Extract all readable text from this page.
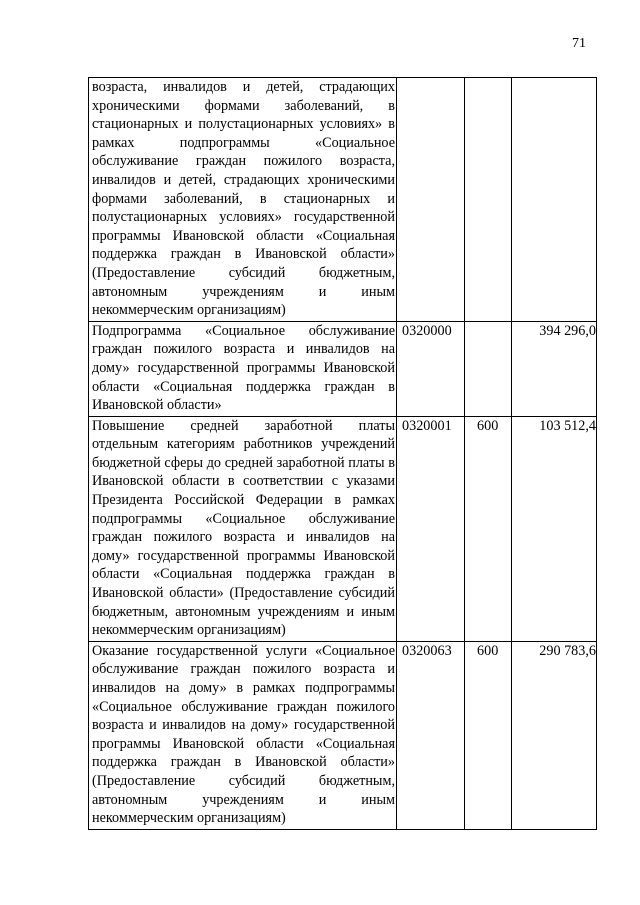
71
возраста, инвалидов и детей, страдающих хроническими формами заболеваний, в стационарных и полустационарных условиях» в рамках подпрограммы «Социальное обслуживание граждан пожилого возраста, инвалидов и детей, страдающих хроническими формами заболеваний, в стационарных и полустационарных условиях» государственной программы Ивановской области «Социальная поддержка граждан в Ивановской области» (Предоставление субсидий бюджетным, автономным учреждениям и иным некоммерческим организациям)			
Подпрограмма «Социальное обслуживание граждан пожилого возраста и инвалидов на дому» государственной программы Ивановской области «Социальная поддержка граждан в Ивановской области»	0320000		394 296,0
Повышение средней заработной платы отдельным категориям работников учреждений бюджетной сферы до средней заработной платы в Ивановской области в соответствии с указами Президента Российской Федерации в рамках подпрограммы «Социальное обслуживание граждан пожилого возраста и инвалидов на дому» государственной программы Ивановской области «Социальная поддержка граждан в Ивановской области» (Предоставление субсидий бюджетным, автономным учреждениям и иным некоммерческим организациям)	0320001	600	103 512,4
Оказание государственной услуги «Социальное обслуживание граждан пожилого возраста и инвалидов на дому» в рамках подпрограммы «Социальное обслуживание граждан пожилого возраста и инвалидов на дому» государственной программы Ивановской области «Социальная поддержка граждан в Ивановской области» (Предоставление субсидий бюджетным, автономным учреждениям и иным некоммерческим организациям)	0320063	600	290 783,6
